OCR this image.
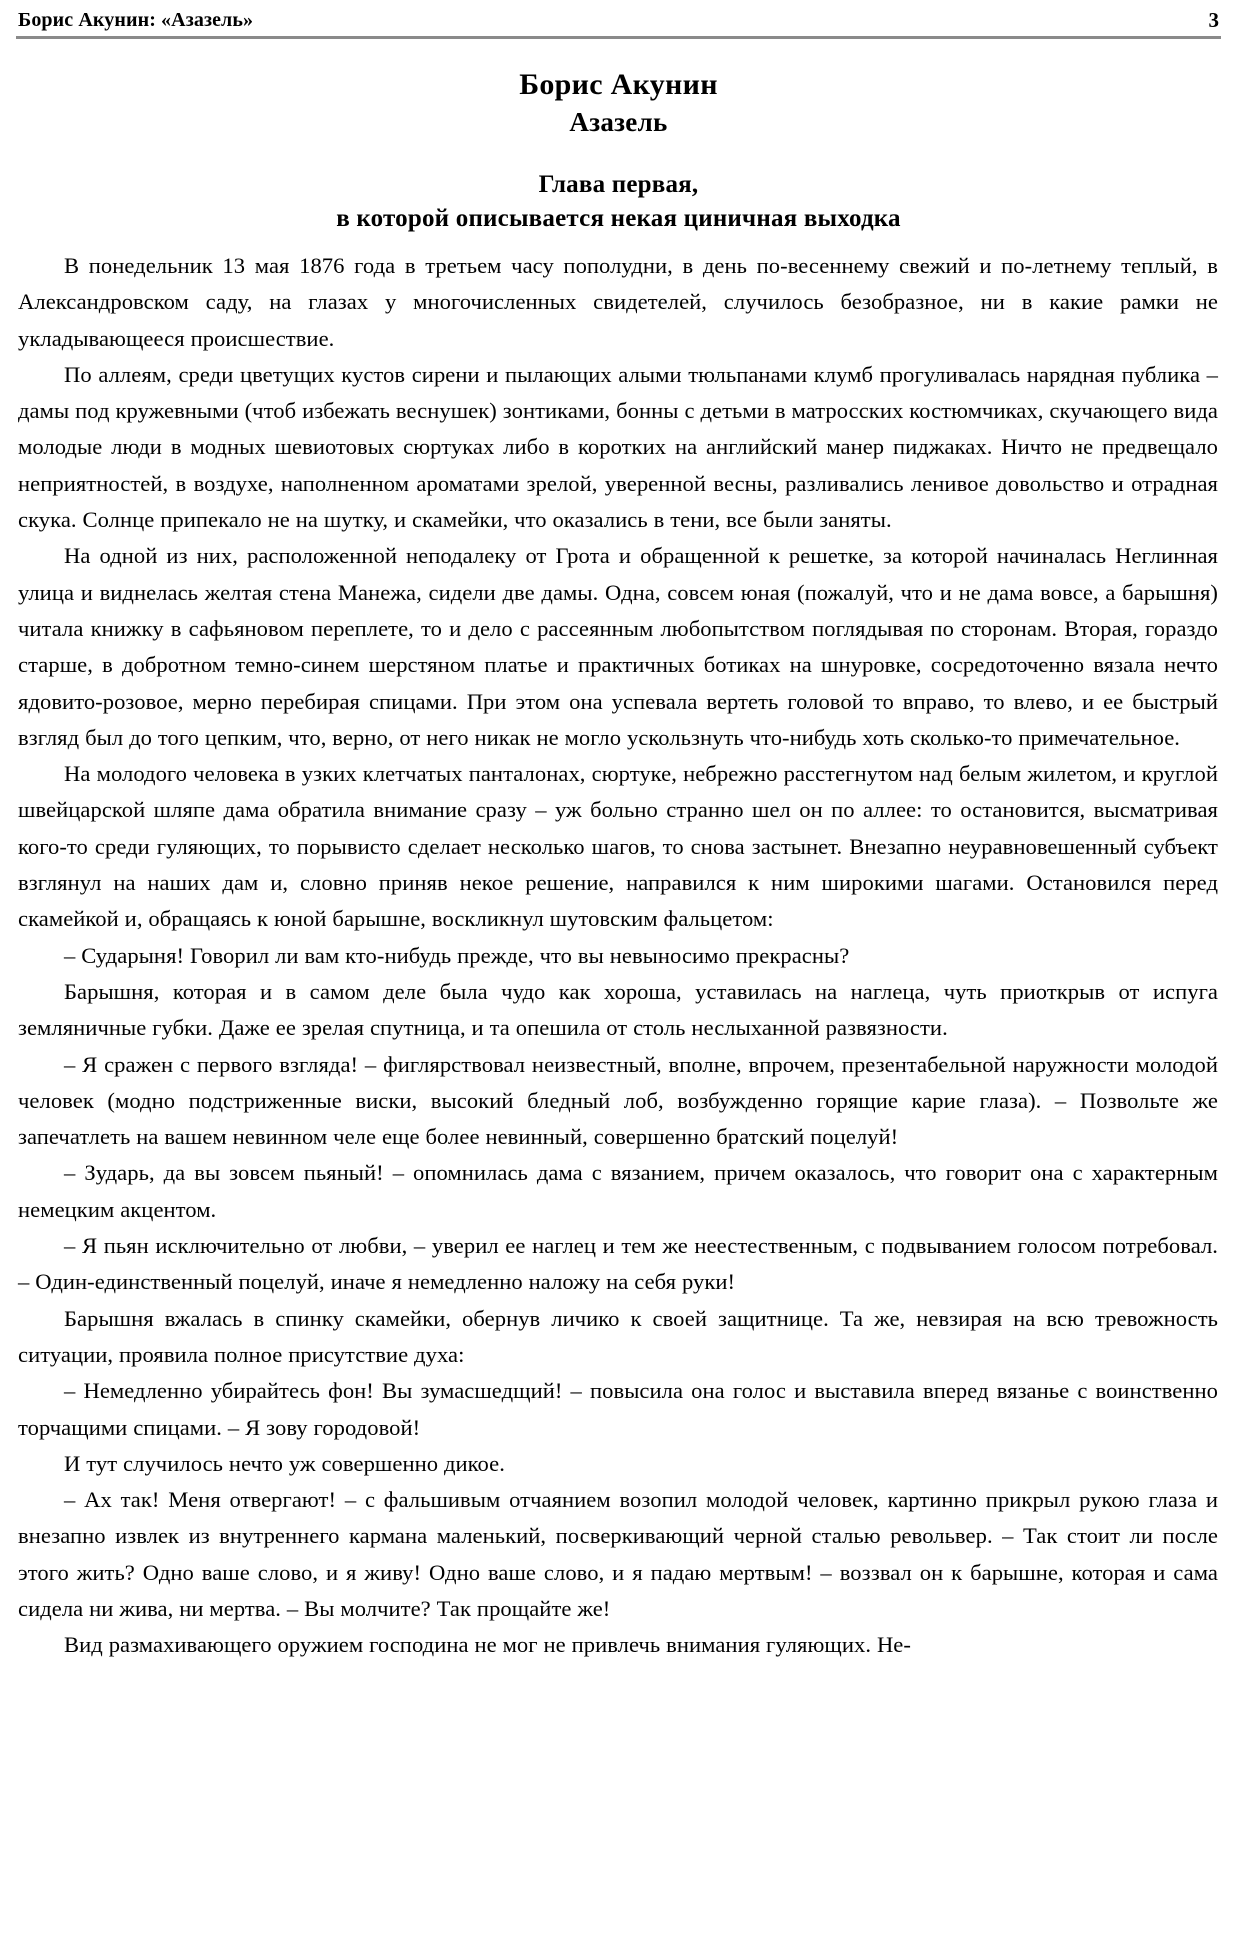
Борис Акунин: «Азазель»	3
Борис Акунин
Азазель
Глава первая,
в которой описывается некая циничная выходка

В понедельник 13 мая 1876 года в третьем часу пополудни, в день по-весеннему свежий и по-летнему теплый, в Александровском саду, на глазах у многочисленных свидетелей, случилось безобразное, ни в какие рамки не укладывающееся происшествие.

По аллеям, среди цветущих кустов сирени и пылающих алыми тюльпанами клумб прогуливалась нарядная публика – дамы под кружевными (чтоб избежать веснушек) зонтиками, бонны с детьми в матросских костюмчиках, скучающего вида молодые люди в модных шевиотовых сюртуках либо в коротких на английский манер пиджаках. Ничто не предвещало неприятностей, в воздухе, наполненном ароматами зрелой, уверенной весны, разливались ленивое довольство и отрадная скука. Солнце припекало не на шутку, и скамейки, что оказались в тени, все были заняты.

На одной из них, расположенной неподалеку от Грота и обращенной к решетке, за которой начиналась Неглинная улица и виднелась желтая стена Манежа, сидели две дамы. Одна, совсем юная (пожалуй, что и не дама вовсе, а барышня) читала книжку в сафьяновом переплете, то и дело с рассеянным любопытством поглядывая по сторонам. Вторая, гораздо старше, в добротном темно-синем шерстяном платье и практичных ботиках на шнуровке, сосредоточенно вязала нечто ядовито-розовое, мерно перебирая спицами. При этом она успевала вертеть головой то вправо, то влево, и ее быстрый взгляд был до того цепким, что, верно, от него никак не могло ускользнуть что-нибудь хоть сколько-то примечательное.

На молодого человека в узких клетчатых панталонах, сюртуке, небрежно расстегнутом над белым жилетом, и круглой швейцарской шляпе дама обратила внимание сразу – уж больно странно шел он по аллее: то остановится, высматривая кого-то среди гуляющих, то порывисто сделает несколько шагов, то снова застынет. Внезапно неуравновешенный субъект взглянул на наших дам и, словно приняв некое решение, направился к ним широкими шагами. Остановился перед скамейкой и, обращаясь к юной барышне, воскликнул шутовским фальцетом:

– Сударыня! Говорил ли вам кто-нибудь прежде, что вы невыносимо прекрасны?

Барышня, которая и в самом деле была чудо как хороша, уставилась на наглеца, чуть приоткрыв от испуга земляничные губки. Даже ее зрелая спутница, и та опешила от столь неслыханной развязности.

– Я сражен с первого взгляда! – фиглярствовал неизвестный, вполне, впрочем, презентабельной наружности молодой человек (модно подстриженные виски, высокий бледный лоб, возбужденно горящие карие глаза). – Позвольте же запечатлеть на вашем невинном челе еще более невинный, совершенно братский поцелуй!

– Зударь, да вы зовсем пьяный! – опомнилась дама с вязанием, причем оказалось, что говорит она с характерным немецким акцентом.

– Я пьян исключительно от любви, – уверил ее наглец и тем же неестественным, с подвыванием голосом потребовал. – Один-единственный поцелуй, иначе я немедленно наложу на себя руки!

Барышня вжалась в спинку скамейки, обернув личико к своей защитнице. Та же, невзирая на всю тревожность ситуации, проявила полное присутствие духа:

– Немедленно убирайтесь фон! Вы зумасшедщий! – повысила она голос и выставила вперед вязанье с воинственно торчащими спицами. – Я зову городовой!

И тут случилось нечто уж совершенно дикое.

– Ах так! Меня отвергают! – с фальшивым отчаянием возопил молодой человек, картинно прикрыл рукою глаза и внезапно извлек из внутреннего кармана маленький, посверкивающий черной сталью револьвер. – Так стоит ли после этого жить? Одно ваше слово, и я живу! Одно ваше слово, и я падаю мертвым! – воззвал он к барышне, которая и сама сидела ни жива, ни мертва. – Вы молчите? Так прощайте же!

Вид размахивающего оружием господина не мог не привлечь внимания гуляющих. Не-
